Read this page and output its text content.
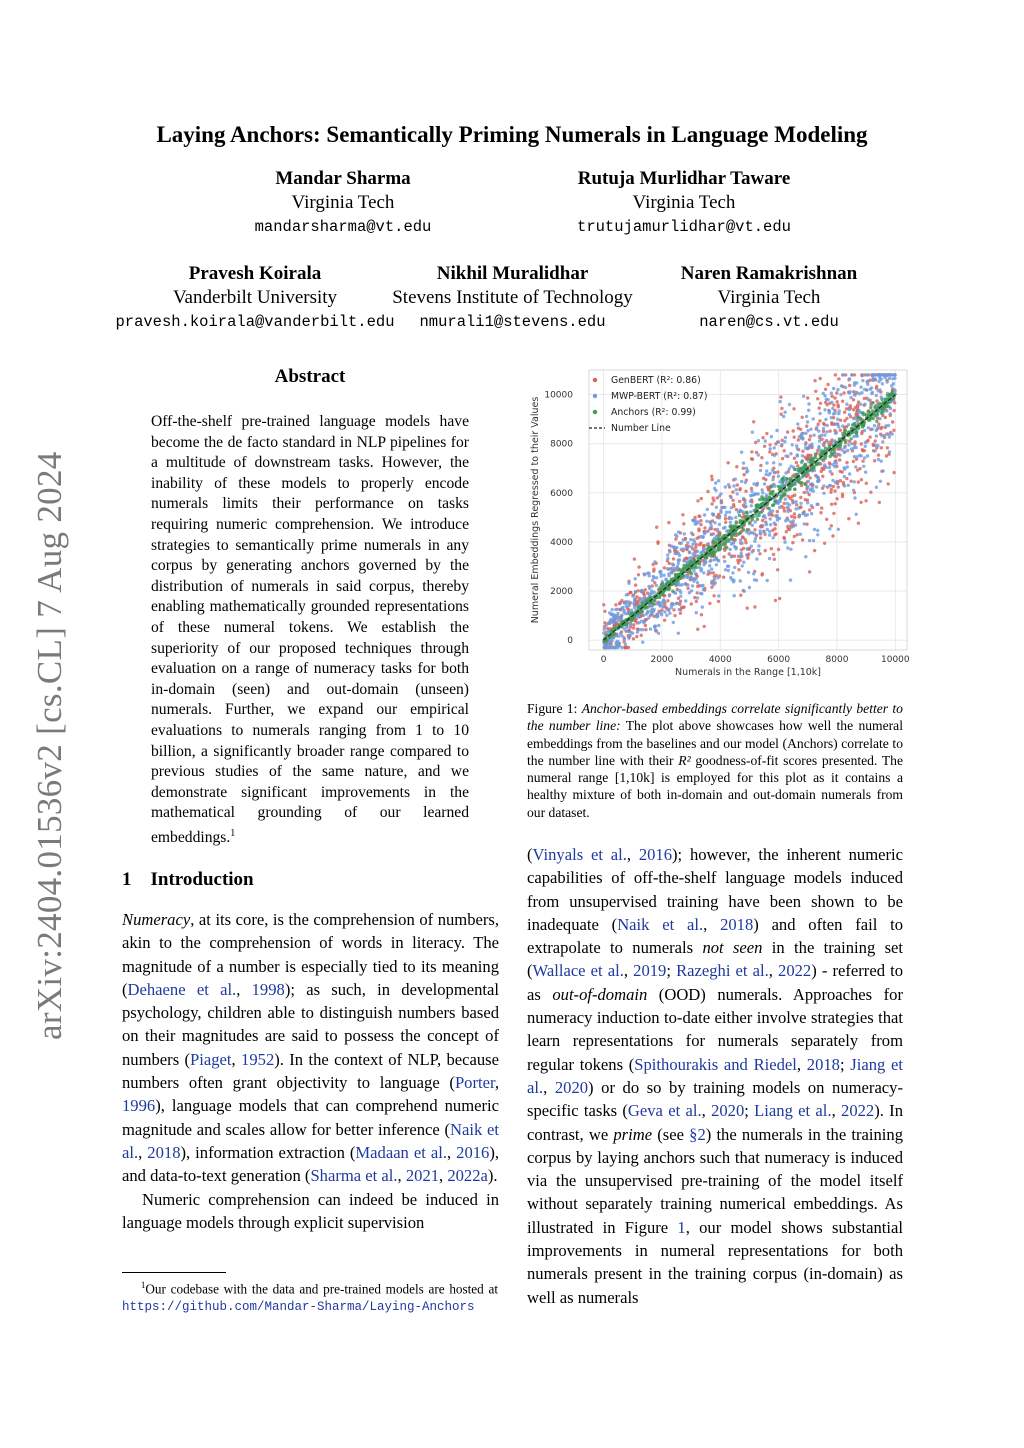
Laying Anchors: Semantically Priming Numerals in Language Modeling
Mandar Sharma
Virginia Tech
mandarsharma@vt.edu
Rutuja Murlidhar Taware
Virginia Tech
trutujamurlidhar@vt.edu
Pravesh Koirala
Vanderbilt University
pravesh.koirala@vanderbilt.edu
Nikhil Muralidhar
Stevens Institute of Technology
nmurali1@stevens.edu
Naren Ramakrishnan
Virginia Tech
naren@cs.vt.edu
arXiv:2404.01536v2 [cs.CL] 7 Aug 2024
Abstract

Off-the-shelf pre-trained language models have become the de facto standard in NLP pipelines for a multitude of downstream tasks. However, the inability of these models to properly encode numerals limits their performance on tasks requiring numeric comprehension. We introduce strategies to semantically prime numerals in any corpus by generating anchors governed by the distribution of numerals in said corpus, thereby enabling mathematically grounded representations of these numeral tokens. We establish the superiority of our proposed techniques through evaluation on a range of numeracy tasks for both in-domain (seen) and out-domain (unseen) numerals. Further, we expand our empirical evaluations to numerals ranging from 1 to 10 billion, a significantly broader range compared to previous studies of the same nature, and we demonstrate significant improvements in the mathematical grounding of our learned embeddings.$^1$

1 Introduction

Numeracy, at its core, is the comprehension of numbers, akin to the comprehension of words in literacy. The magnitude of a number is especially tied to its meaning (Dehaene et al., 1998); as such, in developmental psychology, children able to distinguish numbers based on their magnitudes are said to possess the concept of numbers (Piaget, 1952). In the context of NLP, because numbers often grant objectivity to language (Porter, 1996), language models that can comprehend numeric magnitude and scales allow for better inference (Naik et al., 2018), information extraction (Madaan et al., 2016), and data-to-text generation (Sharma et al., 2021, 2022a).
Numeric comprehension can indeed be induced in language models through explicit supervision

$^1$Our codebase with the data and pre-trained models are hosted at https://github.com/Mandar-Sharma/Laying-Anchors

0	2000	4000	6000	8000	10000
0
2000
4000
6000
8000
10000
Numerals in the Range [1,10k]
Numeral Embeddings Regressed to their Values
GenBERT (R²: 0.86)
MWP-BERT (R²: 0.87)
Anchors (R²: 0.99)
Number Line

Figure 1: Anchor-based embeddings correlate significantly better to the number line: The plot above showcases how well the numeral embeddings from the baselines and our model (Anchors) correlate to the number line with their R² goodness-of-fit scores presented. The numeral range [1,10k] is employed for this plot as it contains a healthy mixture of both in-domain and out-domain numerals from our dataset.

(Vinyals et al., 2016); however, the inherent numeric capabilities of off-the-shelf language models induced from unsupervised training have been shown to be inadequate (Naik et al., 2018) and often fail to extrapolate to numerals not seen in the training set (Wallace et al., 2019; Razeghi et al., 2022) - referred to as out-of-domain (OOD) numerals. Approaches for numeracy induction to-date either involve strategies that learn representations for numerals separately from regular tokens (Spithourakis and Riedel, 2018; Jiang et al., 2020) or do so by training models on numeracy-specific tasks (Geva et al., 2020; Liang et al., 2022). In contrast, we prime (see §2) the numerals in the training corpus by laying anchors such that numeracy is induced via the unsupervised pre-training of the model itself without separately training numerical embeddings. As illustrated in Figure 1, our model shows substantial improvements in numeral representations for both numerals present in the training corpus (in-domain) as well as numerals
